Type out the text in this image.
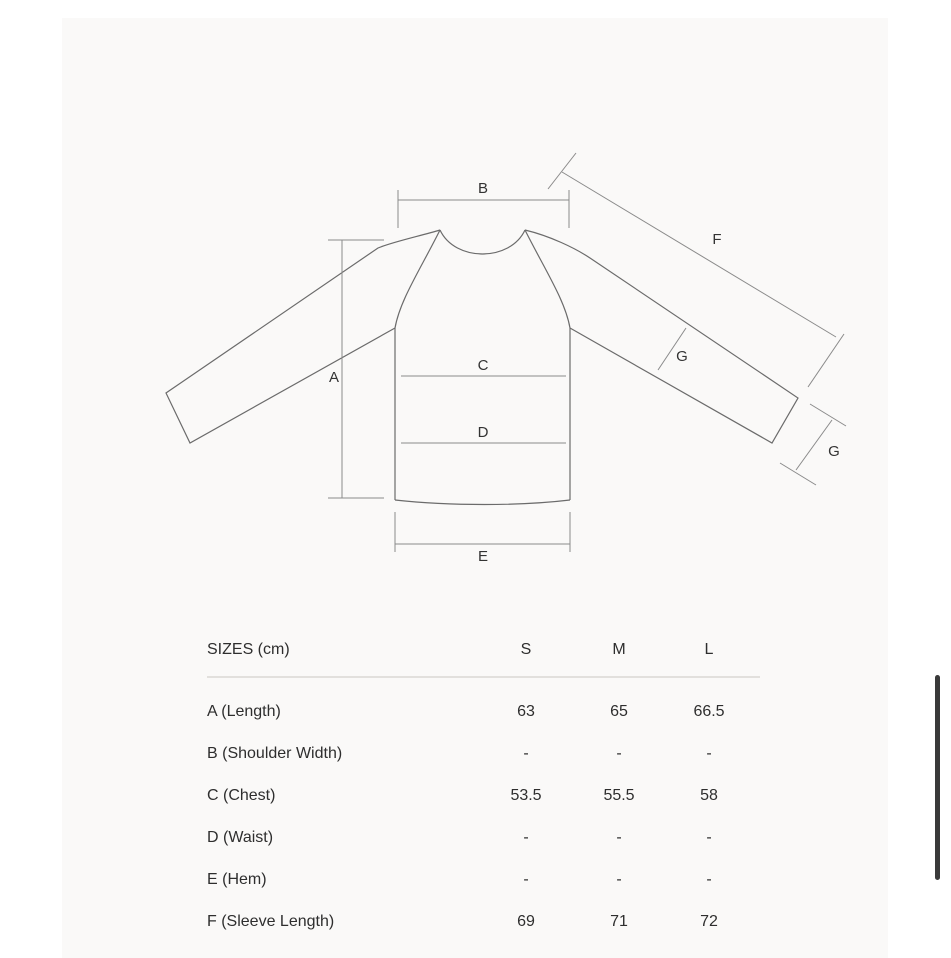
B
F
G
A
C
D
G
E
SIZES (cm)	S	M	L
A (Length)	63	65	66.5
B (Shoulder Width)	-	-	-
C (Chest)	53.5	55.5	58
D (Waist)	-	-	-
E (Hem)	-	-	-
F (Sleeve Length)	69	71	72
